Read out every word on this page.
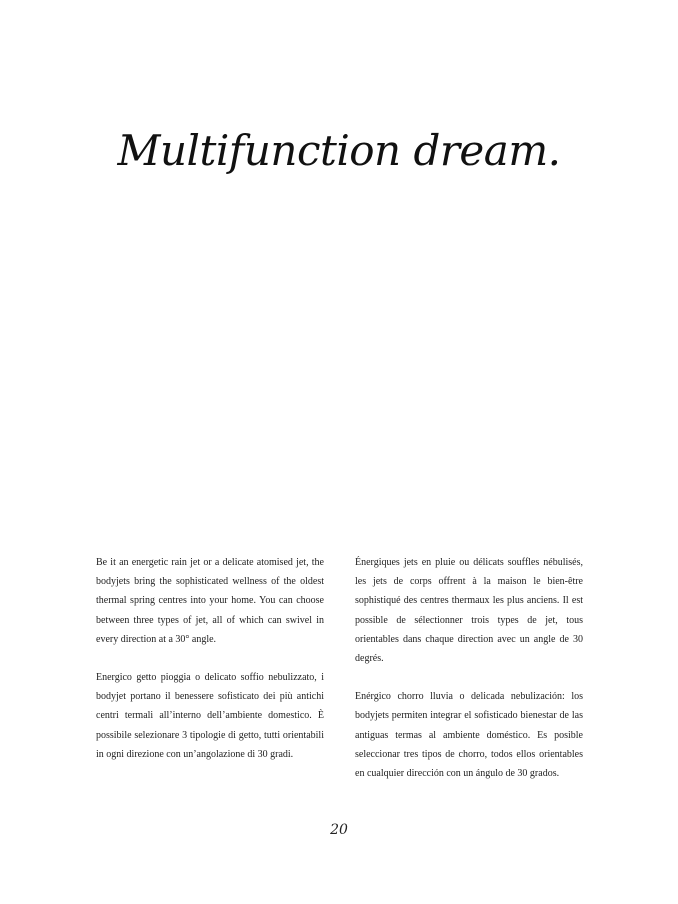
Multifunction dream.

Be it an energetic rain jet or a delicate atomised jet, the bodyjets bring the sophisticated wellness of the oldest thermal spring centres into your home. You can choose between three types of jet, all of which can swivel in every direction at a 30° angle.

Energico getto pioggia o delicato soffio nebulizzato, i bodyjet portano il benessere sofisticato dei più antichi centri termali all’interno dell’ambiente domestico. È possibile selezionare 3 tipologie di getto, tutti orientabili in ogni direzione con un’angolazione di 30 gradi.

Énergiques jets en pluie ou délicats souffles nébulisés, les jets de corps offrent à la maison le bien-être sophistiqué des centres thermaux les plus anciens. Il est possible de sélectionner trois types de jet, tous orientables dans chaque direction avec un angle de 30 degrés.

Enérgico chorro lluvia o delicada nebulización: los bodyjets permiten integrar el sofisticado bienestar de las antiguas termas al ambiente doméstico. Es posible seleccionar tres tipos de chorro, todos ellos orientables en cualquier dirección con un ángulo de 30 grados.

20
